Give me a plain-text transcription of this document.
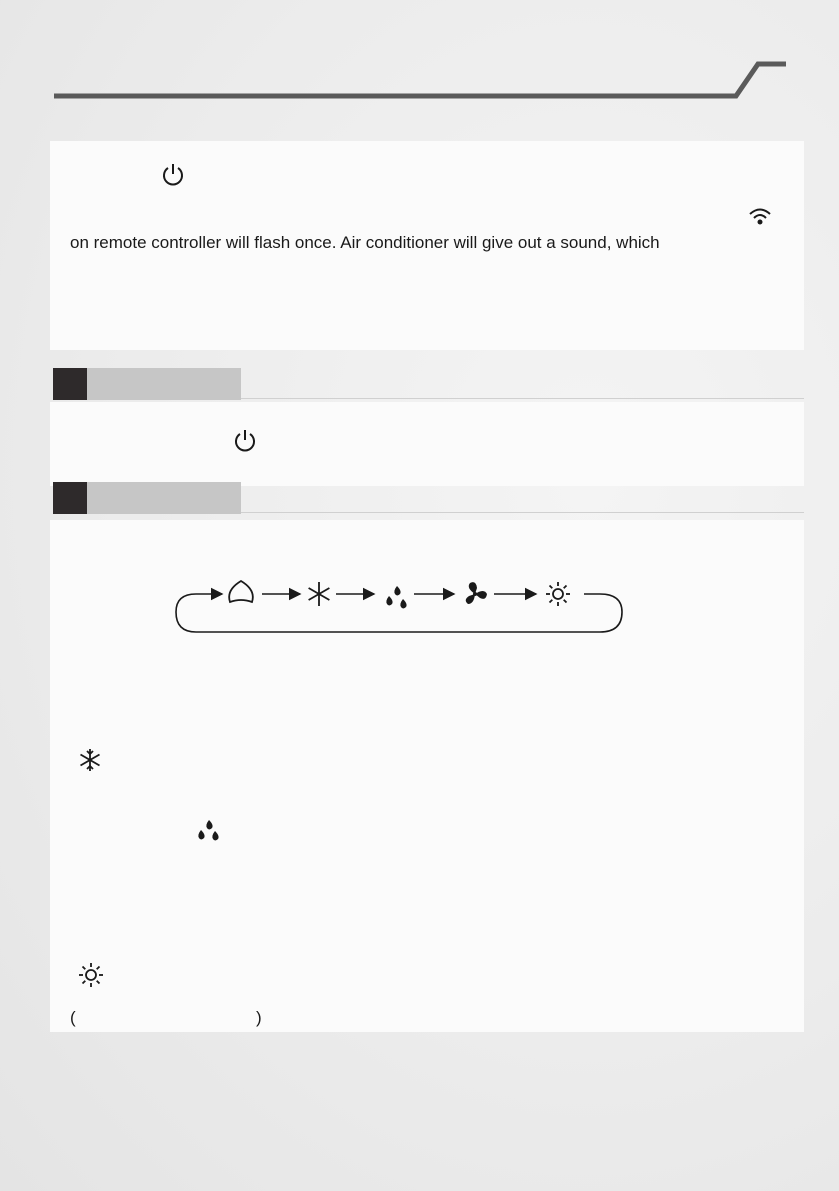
on remote controller will flash once. Air conditioner will give out a sound, which
(	)
